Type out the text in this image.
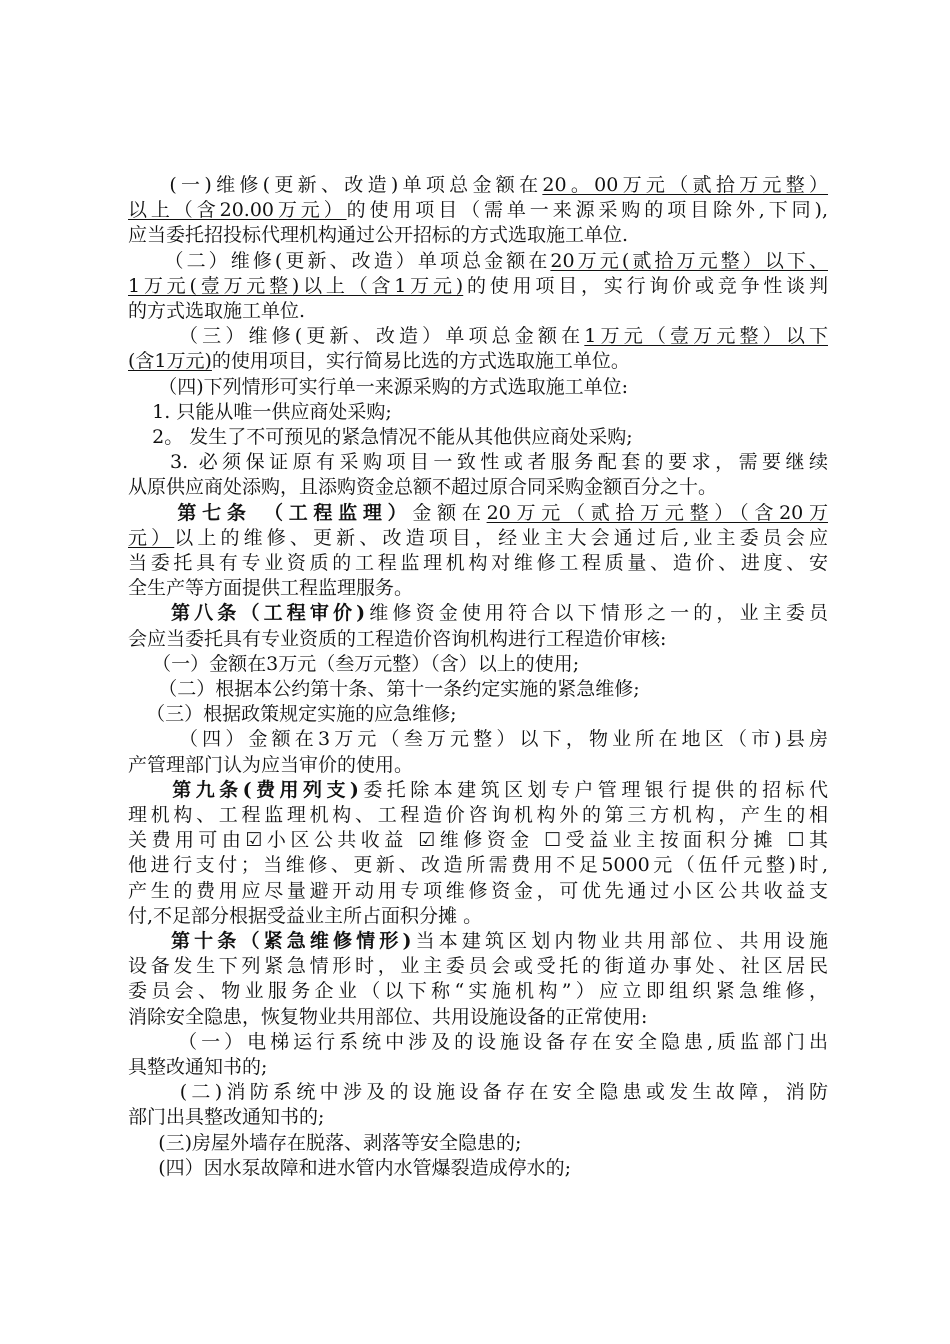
(一)维修(更新、改造)单项总金额在20。00万元（贰拾万元整）
以上（含20.00万元）的使用项目（需单一来源采购的项目除外,下同),
应当委托招投标代理机构通过公开招标的方式选取施工单位.
（二）维修(更新、改造）单项总金额在20万元(贰拾万元整）以下、
1万元(壹万元整)以上（含1万元)的使用项目，实行询价或竞争性谈判
的方式选取施工单位.
（三）维修(更新、改造）单项总金额在1万元（壹万元整）以下
(含1万元)的使用项目，实行简易比选的方式选取施工单位。
（四)下列情形可实行单一来源采购的方式选取施工单位:
1. 只能从唯一供应商处采购;
2。 发生了不可预见的紧急情况不能从其他供应商处采购;
3. 必须保证原有采购项目一致性或者服务配套的要求，需要继续
从原供应商处添购，且添购资金总额不超过原合同采购金额百分之十。
第七条 （工程监理）金额在20万元（贰拾万元整）（含20万
元）以上的维修、更新、改造项目，经业主大会通过后,业主委员会应
当委托具有专业资质的工程监理机构对维修工程质量、造价、进度、安
全生产等方面提供工程监理服务。
第八条（工程审价)维修资金使用符合以下情形之一的，业主委员
会应当委托具有专业资质的工程造价咨询机构进行工程造价审核:
（一）金额在3万元（叁万元整）（含）以上的使用;
（二）根据本公约第十条、第十一条约定实施的紧急维修;
（三）根据政策规定实施的应急维修;
（四）金额在3万元（叁万元整）以下，物业所在地区（市)县房
产管理部门认为应当审价的使用。
第九条(费用列支)委托除本建筑区划专户管理银行提供的招标代
理机构、工程监理机构、工程造价咨询机构外的第三方机构，产生的相
关费用可由☑小区公共收益 ☑维修资金 ☐受益业主按面积分摊 ☐其
他进行支付；当维修、更新、改造所需费用不足5000元（伍仟元整)时,
产生的费用应尽量避开动用专项维修资金，可优先通过小区公共收益支
付,不足部分根据受益业主所占面积分摊 。
第十条（紧急维修情形)当本建筑区划内物业共用部位、共用设施
设备发生下列紧急情形时，业主委员会或受托的街道办事处、社区居民
委员会、物业服务企业（以下称“实施机构”）应立即组织紧急维修，
消除安全隐患，恢复物业共用部位、共用设施设备的正常使用:
（一）电梯运行系统中涉及的设施设备存在安全隐患,质监部门出
具整改通知书的;
(二)消防系统中涉及的设施设备存在安全隐患或发生故障，消防
部门出具整改通知书的;
(三)房屋外墙存在脱落、剥落等安全隐患的;
(四）因水泵故障和进水管内水管爆裂造成停水的;
